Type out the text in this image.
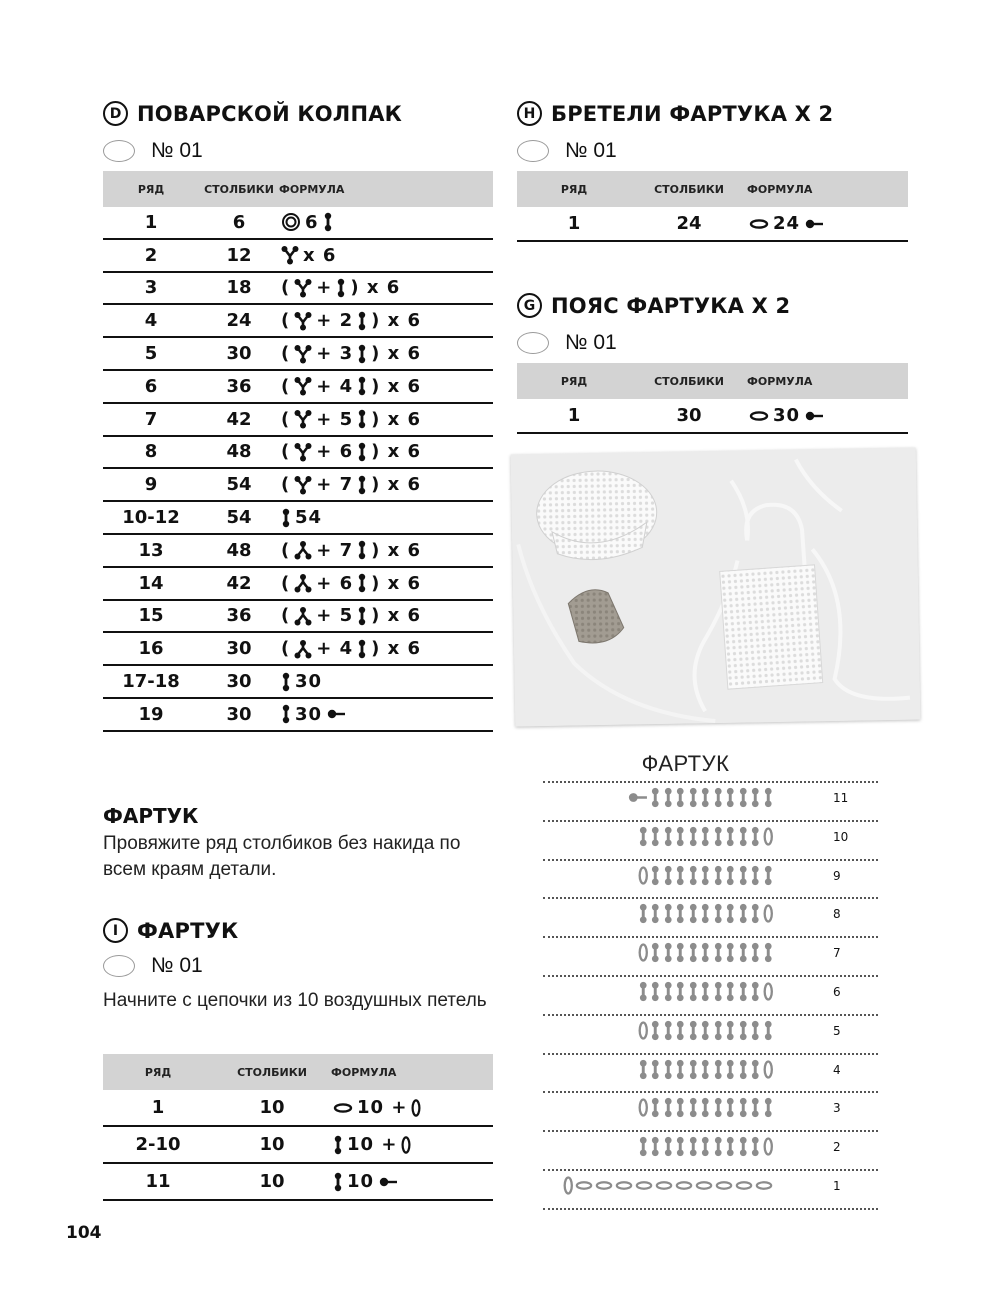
D ПОВАРСКОЙ КОЛПАК
№ 01
РЯД	СТОЛБИКИ ФОРМУЛА
1	6	6
2	12	x 6
3	18	( + ) x 6
4	24	( + 2 ) x 6
5	30	( + 3 ) x 6
6	36	( + 4 ) x 6
7	42	( + 5 ) x 6
8	48	( + 6 ) x 6
9	54	( + 7 ) x 6
10-12	54	54
13	48	( + 7 ) x 6
14	42	( + 6 ) x 6
15	36	( + 5 ) x 6
16	30	( + 4 ) x 6
17-18	30	30
19	30	30
H БРЕТЕЛИ ФАРТУКА Х 2
№ 01
РЯД	СТОЛБИКИ	ФОРМУЛА
1	24	24
G ПОЯС ФАРТУКА Х 2
№ 01
РЯД	СТОЛБИКИ	ФОРМУЛА
1	30	30
ФАРТУК
Провяжите ряд столбиков без накида по всем краям детали.
I ФАРТУК
№ 01
Начните с цепочки из 10 воздушных петель
РЯД	СТОЛБИКИ	ФОРМУЛА
1	10	10 +
2-10	10	10 +
11	10	10
ФАРТУК
11
10
9
8
7
6
5
4
3
2
1
104
